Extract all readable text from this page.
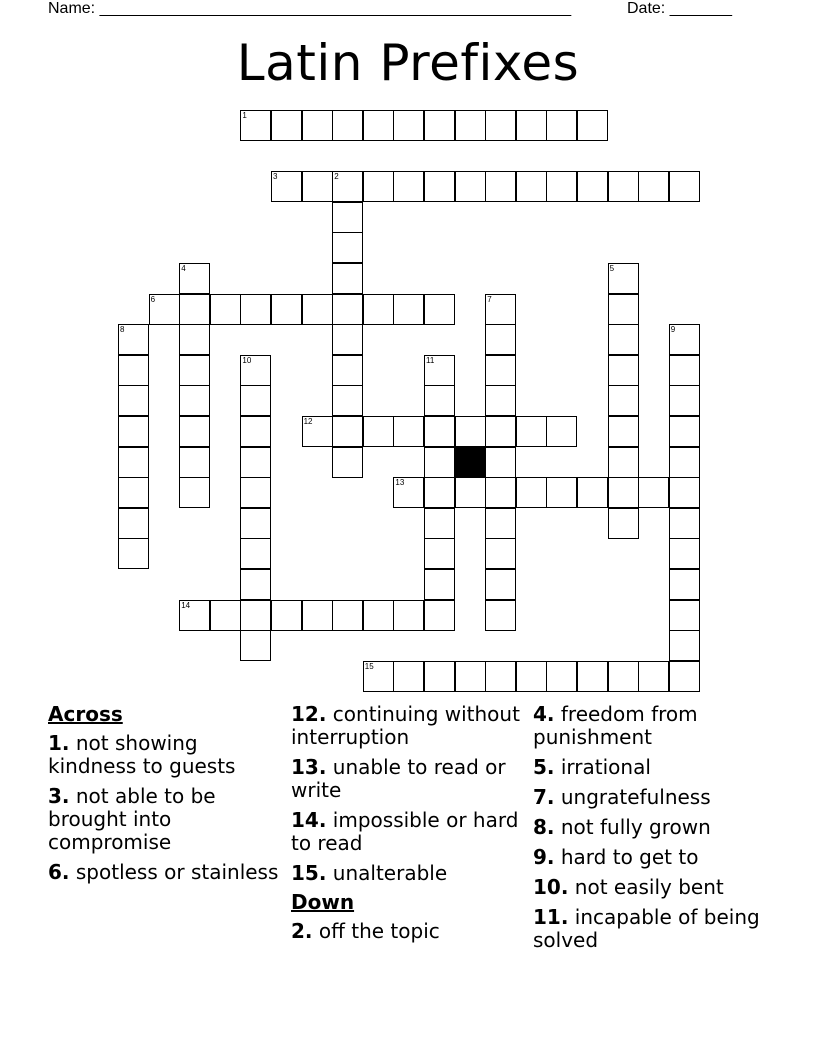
Name: _____________________________________________________	Date: _______
Latin Prefixes
1
3	2
6
12
13
14
15
4	5
7
8	9
10	11
Across
1. not showing kindness to guests
3. not able to be brought into compromise
6. spotless or stainless
12. continuing without interruption
13. unable to read or write
14. impossible or hard to read
15. unalterable
Down
2. off the topic
4. freedom from punishment
5. irrational
7. ungratefulness
8. not fully grown
9. hard to get to
10. not easily bent
11. incapable of being solved
